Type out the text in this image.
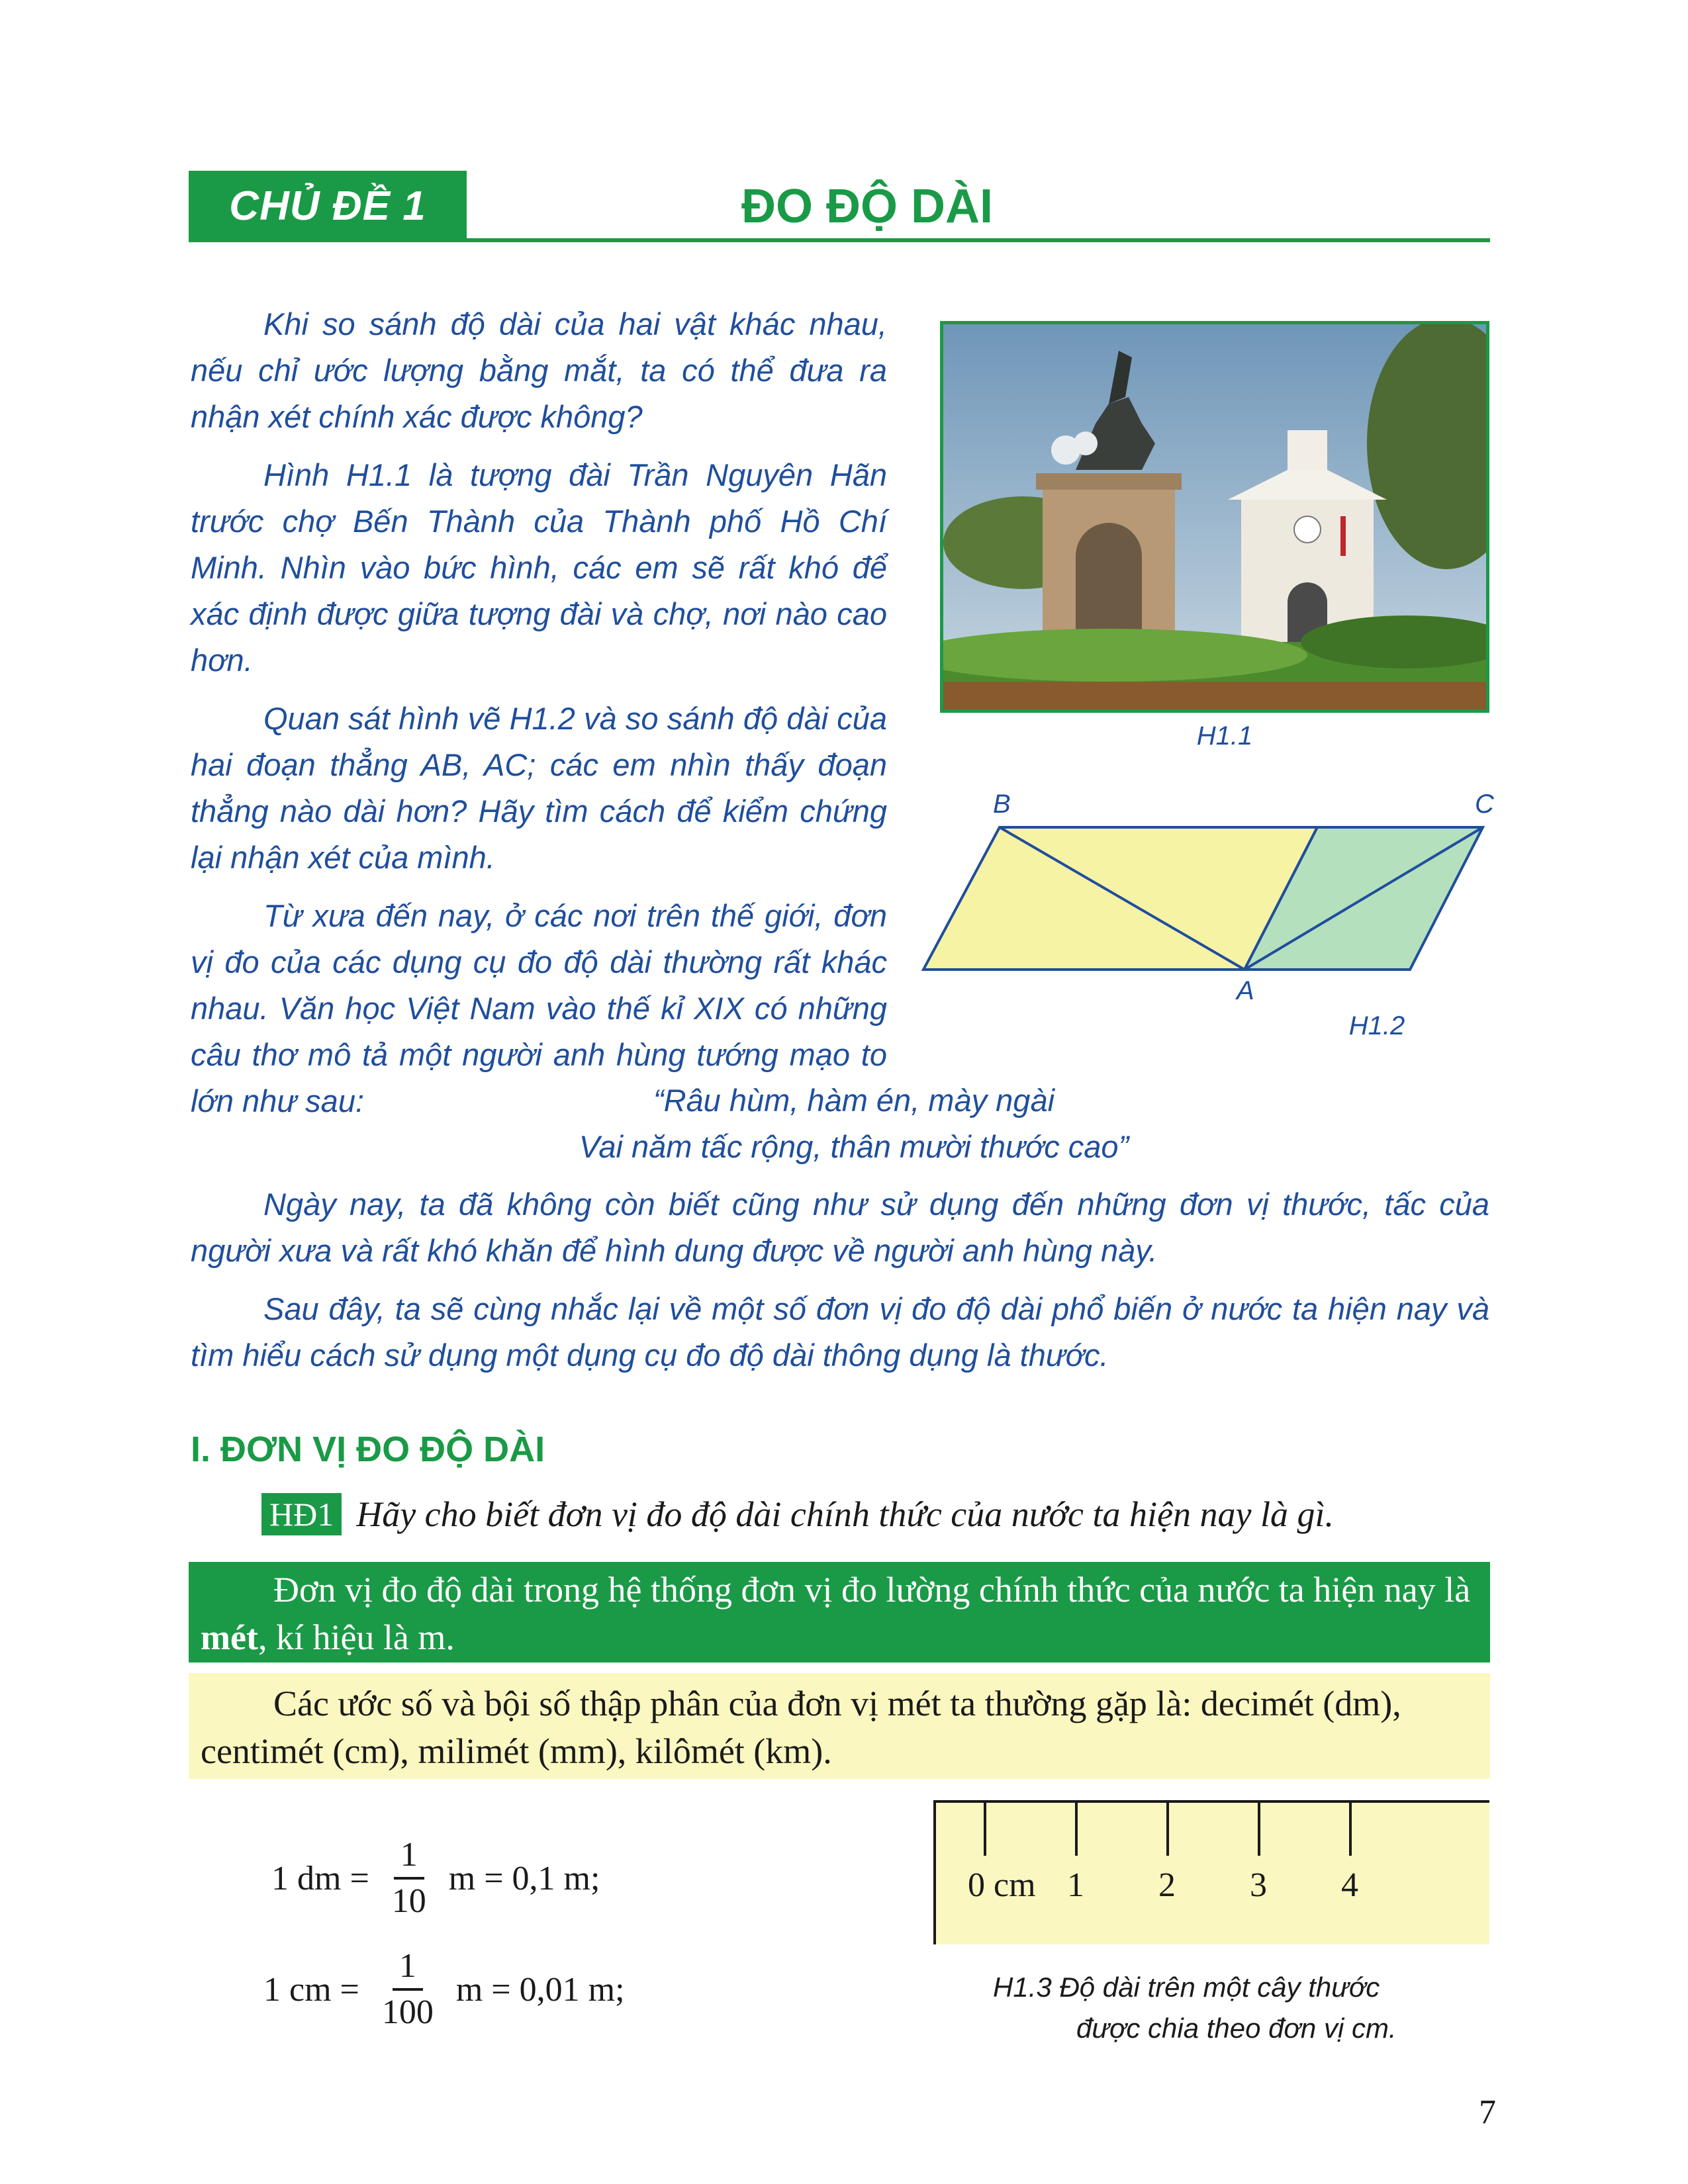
CHỦ ĐỀ 1	ĐO ĐỘ DÀI

Khi so sánh độ dài của hai vật khác nhau, nếu chỉ ước lượng bằng mắt, ta có thể đưa ra nhận xét chính xác được không?

Hình H1.1 là tượng đài Trần Nguyên Hãn trước chợ Bến Thành của Thành phố Hồ Chí Minh. Nhìn vào bức hình, các em sẽ rất khó để xác định được giữa tượng đài và chợ, nơi nào cao hơn.

Quan sát hình vẽ H1.2 và so sánh độ dài của hai đoạn thẳng AB, AC; các em nhìn thấy đoạn thẳng nào dài hơn? Hãy tìm cách để kiểm chứng lại nhận xét của mình.

Từ xưa đến nay, ở các nơi trên thế giới, đơn vị đo của các dụng cụ đo độ dài thường rất khác nhau. Văn học Việt Nam vào thế kỉ XIX có những câu thơ mô tả một người anh hùng tướng mạo to lớn như sau:

H1.1
B	C
A
H1.2
“Râu hùm, hàm én, mày ngài
Vai năm tấc rộng, thân mười thước cao”

Ngày nay, ta đã không còn biết cũng như sử dụng đến những đơn vị thước, tấc của người xưa và rất khó khăn để hình dung được về người anh hùng này.

Sau đây, ta sẽ cùng nhắc lại về một số đơn vị đo độ dài phổ biến ở nước ta hiện nay và tìm hiểu cách sử dụng một dụng cụ đo độ dài thông dụng là thước.

I. ĐƠN VỊ ĐO ĐỘ DÀI
HĐ1 Hãy cho biết đơn vị đo độ dài chính thức của nước ta hiện nay là gì.
Đơn vị đo độ dài trong hệ thống đơn vị đo lường chính thức của nước ta hiện nay là mét, kí hiệu là m.
Các ước số và bội số thập phân của đơn vị mét ta thường gặp là: decimét (dm), centimét (cm), milimét (mm), kilômét (km).
1 dm = $\frac{1}{10}$ m = 0,1 m;
1 cm = $\frac{1}{100}$ m = 0,01 m;
0 cm 1 2 3 4
H1.3 Độ dài trên một cây thước
được chia theo đơn vị cm.
7
